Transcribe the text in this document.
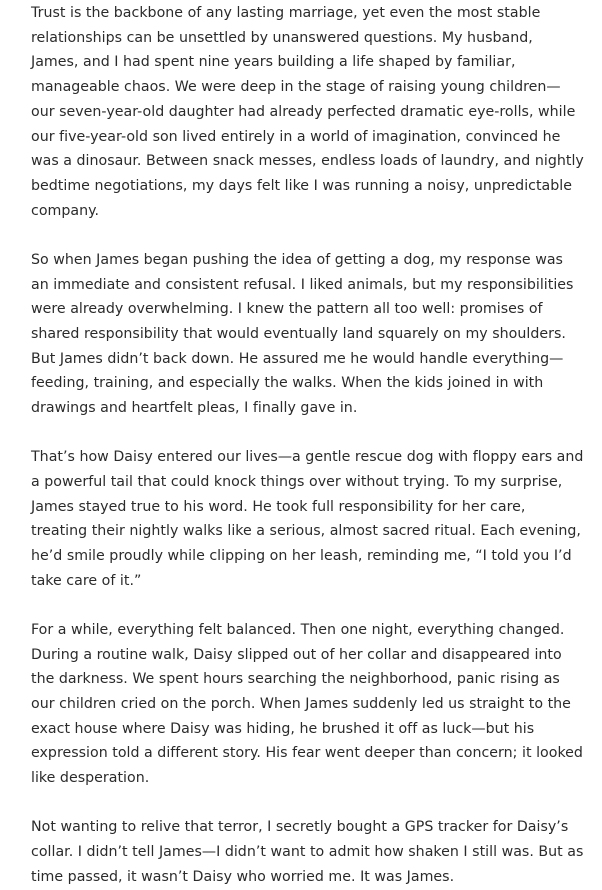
Trust is the backbone of any lasting marriage, yet even the most stable relationships can be unsettled by unanswered questions. My husband, James, and I had spent nine years building a life shaped by familiar, manageable chaos. We were deep in the stage of raising young children—our seven-year-old daughter had already perfected dramatic eye-rolls, while our five-year-old son lived entirely in a world of imagination, convinced he was a dinosaur. Between snack messes, endless loads of laundry, and nightly bedtime negotiations, my days felt like I was running a noisy, unpredictable company.

So when James began pushing the idea of getting a dog, my response was an immediate and consistent refusal. I liked animals, but my responsibilities were already overwhelming. I knew the pattern all too well: promises of shared responsibility that would eventually land squarely on my shoulders. But James didn’t back down. He assured me he would handle everything—feeding, training, and especially the walks. When the kids joined in with drawings and heartfelt pleas, I finally gave in.

That’s how Daisy entered our lives—a gentle rescue dog with floppy ears and a powerful tail that could knock things over without trying. To my surprise, James stayed true to his word. He took full responsibility for her care, treating their nightly walks like a serious, almost sacred ritual. Each evening, he’d smile proudly while clipping on her leash, reminding me, “I told you I’d take care of it.”

For a while, everything felt balanced. Then one night, everything changed. During a routine walk, Daisy slipped out of her collar and disappeared into the darkness. We spent hours searching the neighborhood, panic rising as our children cried on the porch. When James suddenly led us straight to the exact house where Daisy was hiding, he brushed it off as luck—but his expression told a different story. His fear went deeper than concern; it looked like desperation.

Not wanting to relive that terror, I secretly bought a GPS tracker for Daisy’s collar. I didn’t tell James—I didn’t want to admit how shaken I still was. But as time passed, it wasn’t Daisy who worried me. It was James.
